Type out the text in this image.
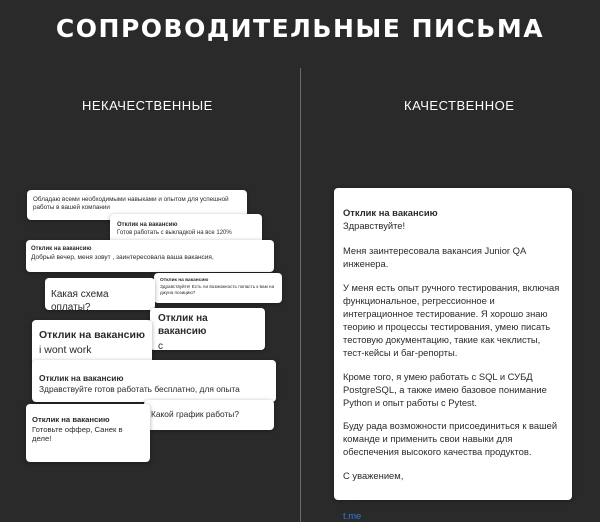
СОПРОВОДИТЕЛЬНЫЕ ПИСЬМА
НЕКАЧЕСТВЕННЫЕ	КАЧЕСТВЕННОЕ
Обладаю всеми необходимыми навыками и опытом для успешной работы в вашей компании
Отклик на вакансию
Готов работать с выкладкой на все 120%
Отклик на вакансию
Добрый вечер, меня зовут , заинтересовала ваша вакансия,
Отклик на вакансию
Здравствуйте! Есть ли возможность попасть к вам на джуна позицию?
Какая схема оплаты?
Отклик на вакансию
с
Отклик на вакансию
i wont work
Отклик на вакансию
Здравствуйте готов работать бесплатно, для опыта
Какой график работы?
Отклик на вакансию
Готовьте оффер, Санек в деле!
Отклик на вакансию

Здравствуйте!

Меня заинтересовала вакансия Junior QA инженера.

У меня есть опыт ручного тестирования, включая функциональное, регрессионное и интеграционное тестирование. Я хорошо знаю теорию и процессы тестирования, умею писать тестовую документацию, такие как чеклисты, тест-кейсы и баг-репорты.

Кроме того, я умею работать с SQL и СУБД PostgreSQL, а также имею базовое понимание Python и опыт работы с Pytest.

Буду рада возможности присоединиться к вашей команде и применить свои навыки для обеспечения высокого качества продуктов.

С уважением,

тел:
t.me
